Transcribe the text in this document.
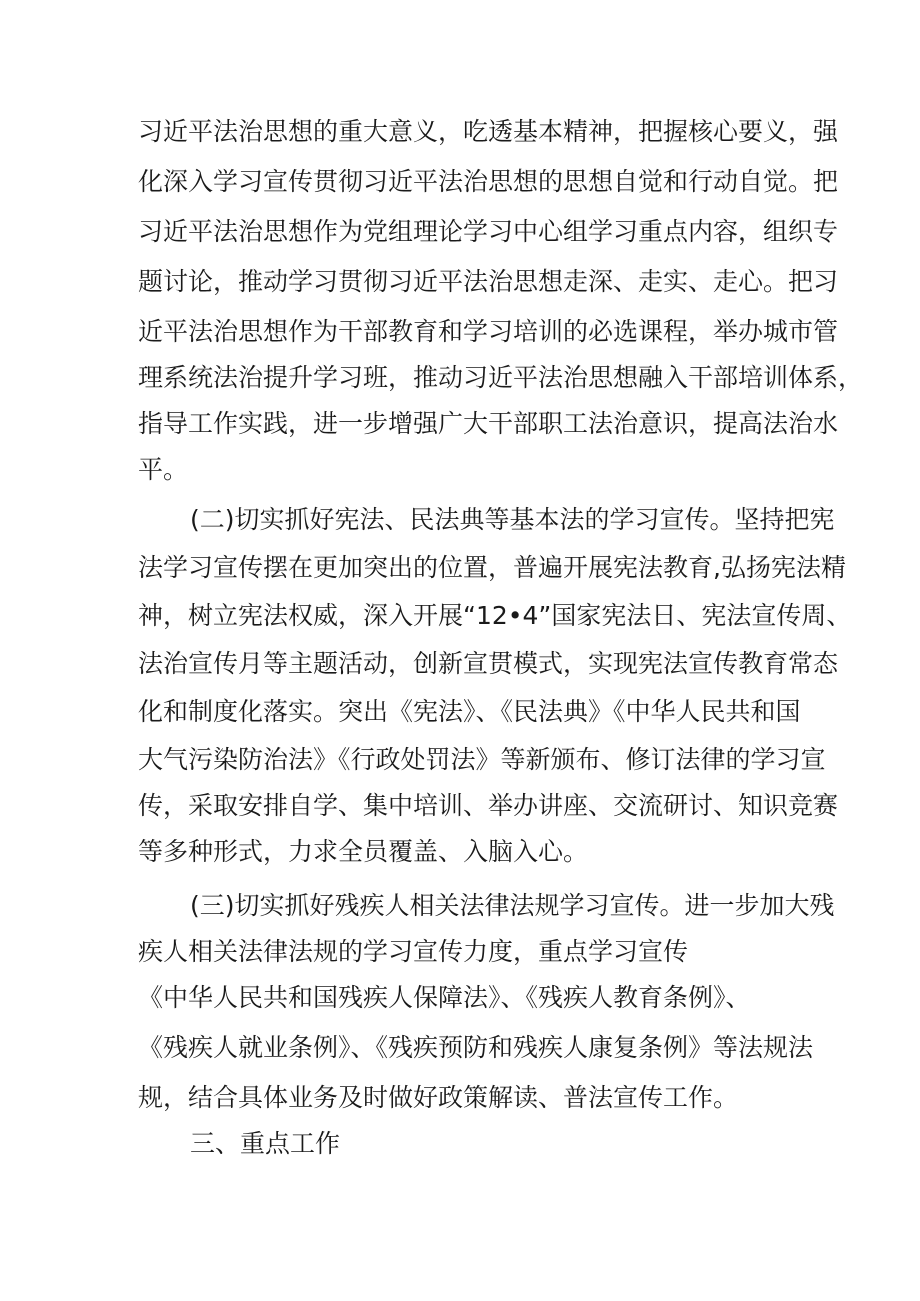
习近平法治思想的重大意义，吃透基本精神，把握核心要义，强
化深入学习宣传贯彻习近平法治思想的思想自觉和行动自觉。把
习近平法治思想作为党组理论学习中心组学习重点内容，组织专
题讨论，推动学习贯彻习近平法治思想走深、走实、走心。把习
近平法治思想作为干部教育和学习培训的必选课程，举办城市管
理系统法治提升学习班，推动习近平法治思想融入干部培训体系，
指导工作实践，进一步增强广大干部职工法治意识，提高法治水
平。
(二)切实抓好宪法、民法典等基本法的学习宣传。坚持把宪
法学习宣传摆在更加突出的位置，普遍开展宪法教育,弘扬宪法精
神，树立宪法权威，深入开展“12•4”国家宪法日、宪法宣传周、
法治宣传月等主题活动，创新宣贯模式，实现宪法宣传教育常态
化和制度化落实。突出《宪法》、《民法典》《中华人民共和国
大气污染防治法》《行政处罚法》等新颁布、修订法律的学习宣
传，采取安排自学、集中培训、举办讲座、交流研讨、知识竞赛
等多种形式，力求全员覆盖、入脑入心。
(三)切实抓好残疾人相关法律法规学习宣传。进一步加大残
疾人相关法律法规的学习宣传力度，重点学习宣传
《中华人民共和国残疾人保障法》、《残疾人教育条例》、
《残疾人就业条例》、《残疾预防和残疾人康复条例》等法规法
规，结合具体业务及时做好政策解读、普法宣传工作。
三、重点工作
